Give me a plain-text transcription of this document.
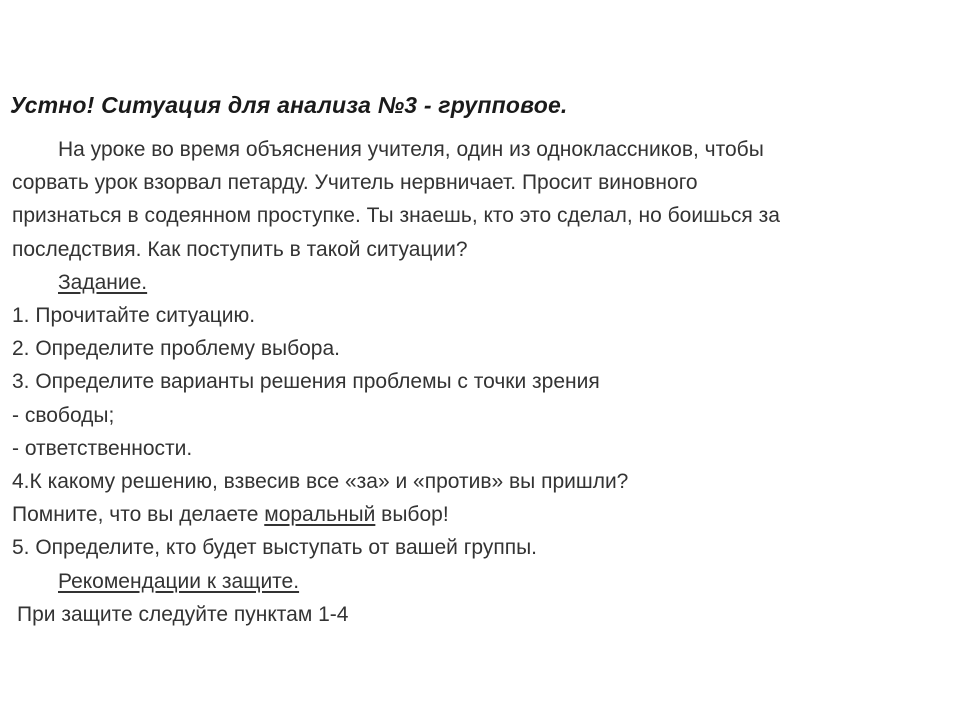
Устно! Ситуация для анализа №3 - групповое.
На уроке во время объяснения учителя, один из одноклассников, чтобы
сорвать урок взорвал петарду. Учитель нервничает. Просит виновного
признаться в содеянном проступке. Ты знаешь, кто это сделал, но боишься за
последствия. Как поступить в такой ситуации?
Задание.
1. Прочитайте ситуацию.
2. Определите проблему выбора.
3. Определите варианты решения проблемы с точки зрения
- свободы;
- ответственности.
4.К какому решению, взвесив все «за» и «против» вы пришли?
Помните, что вы делаете моральный выбор!
5. Определите, кто будет выступать от вашей группы.
Рекомендации к защите.
При защите следуйте пунктам 1-4
